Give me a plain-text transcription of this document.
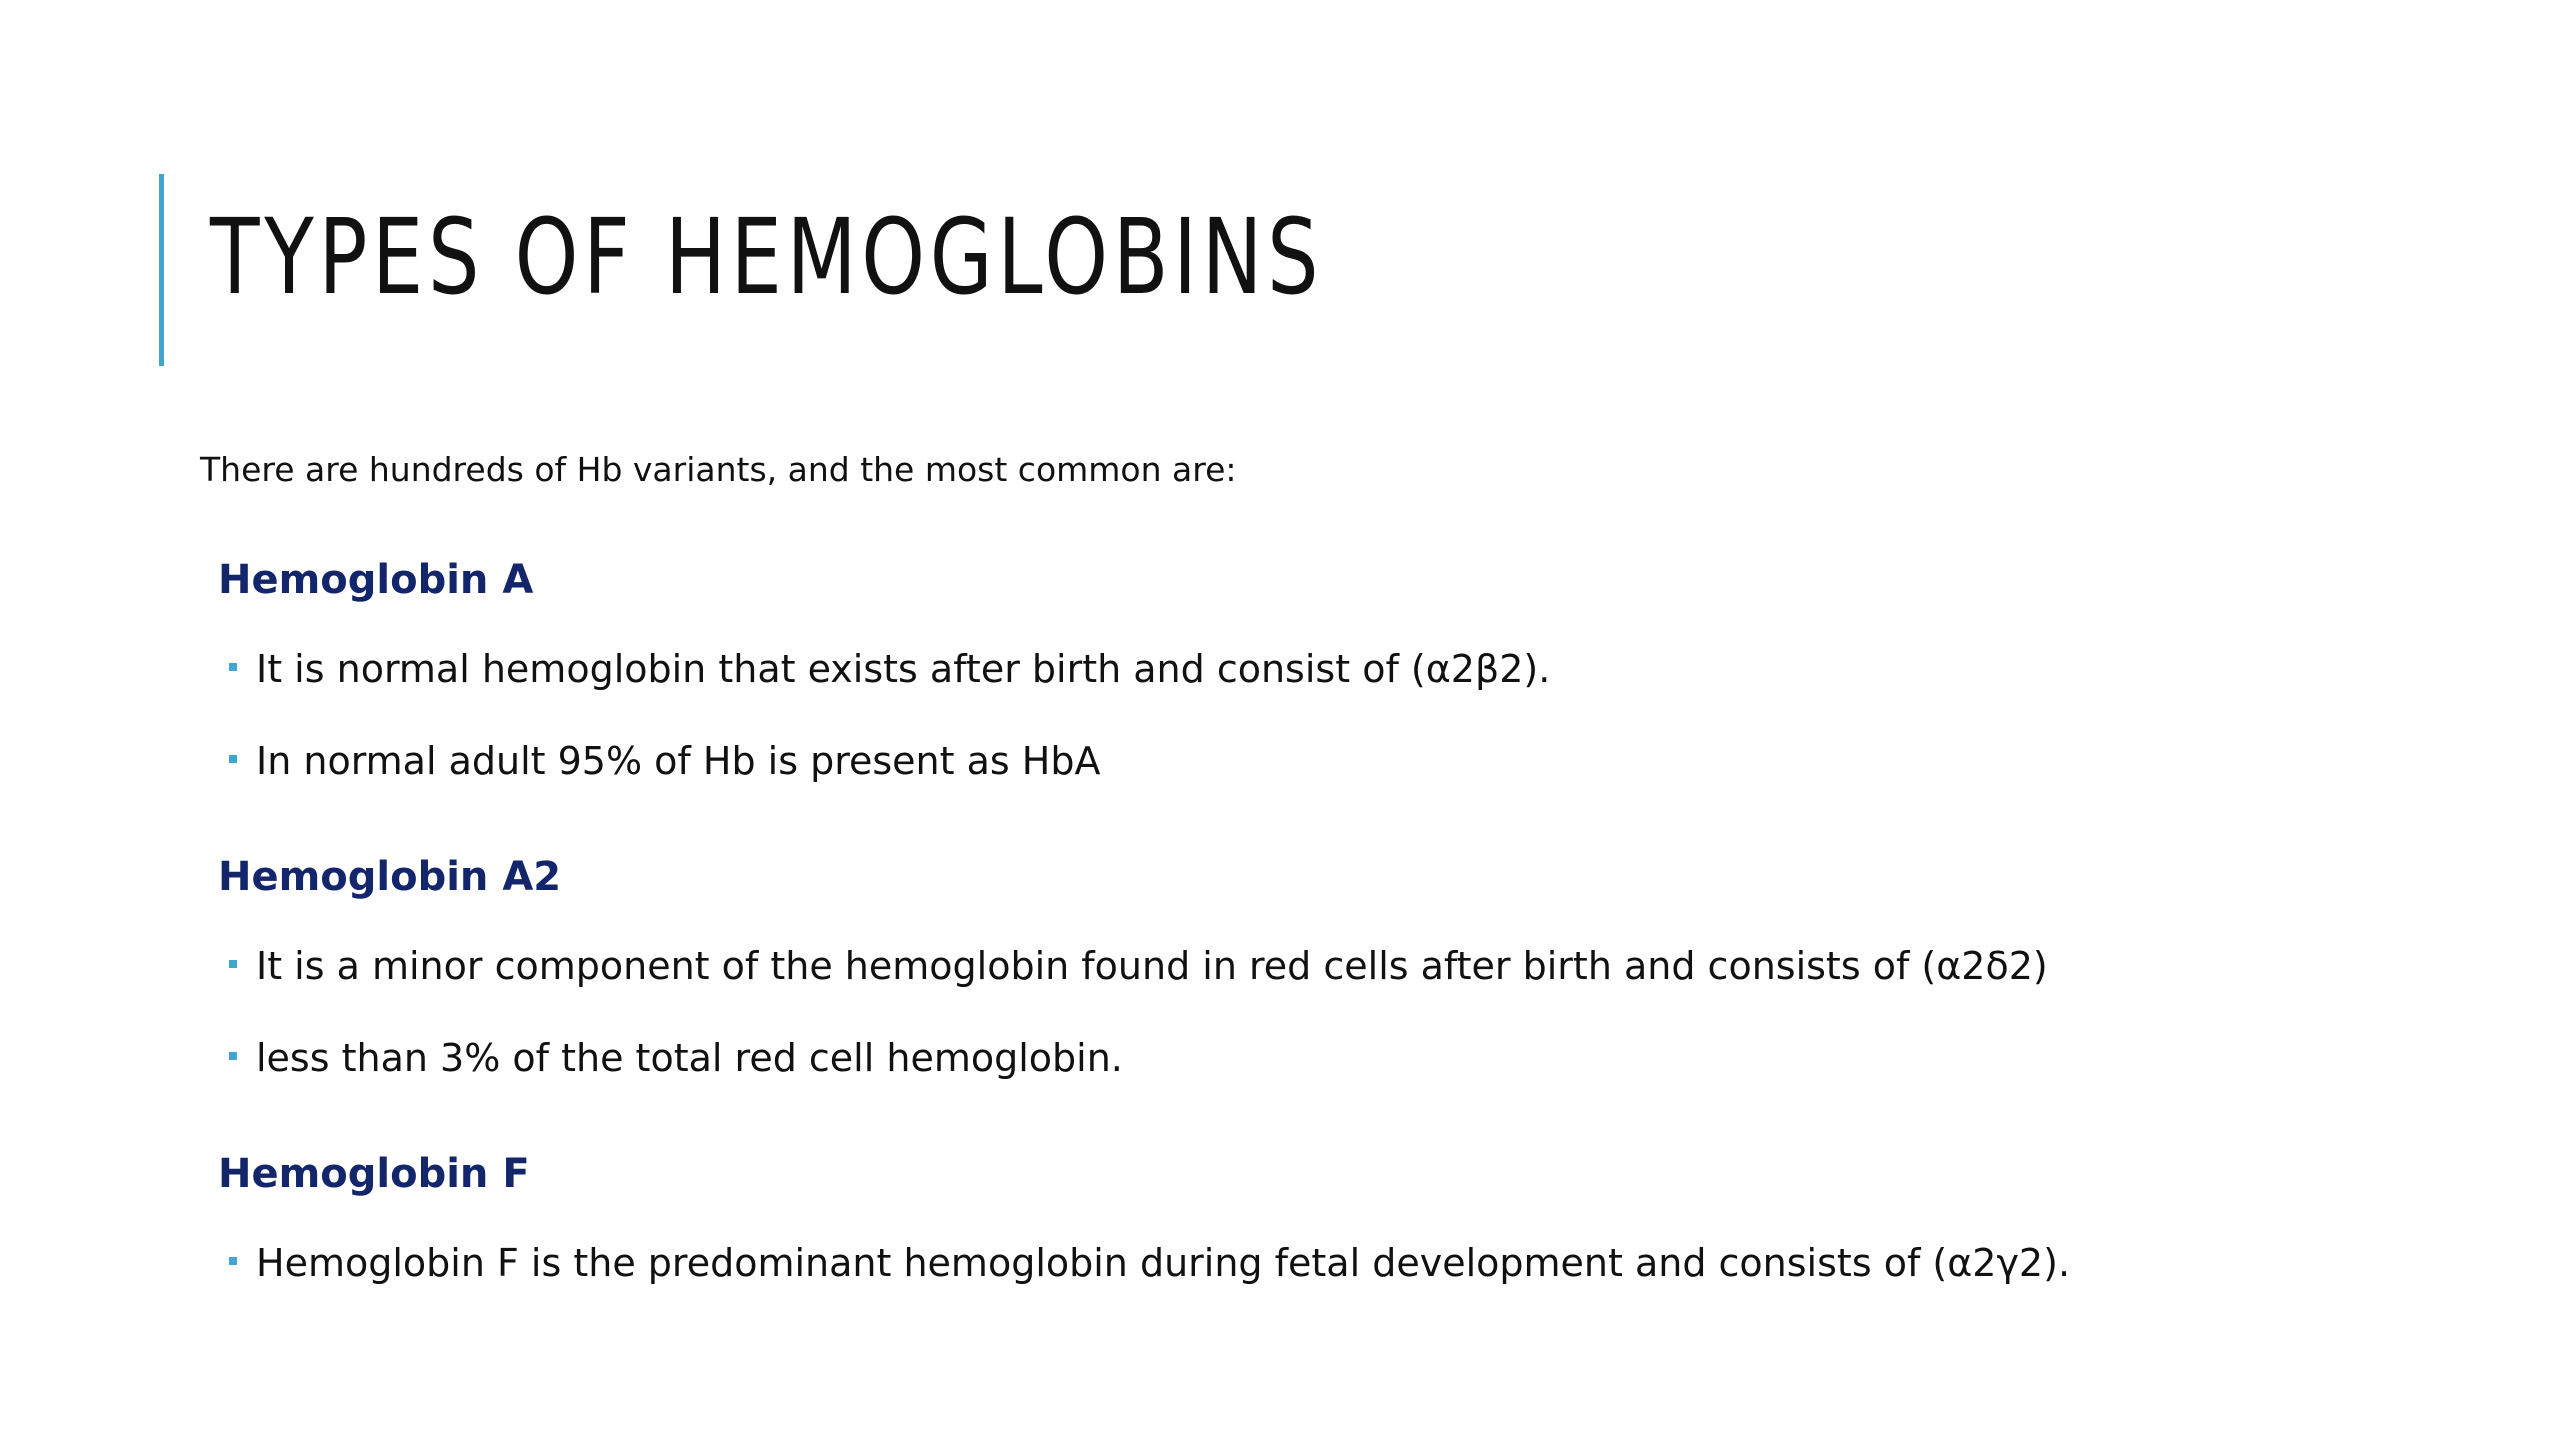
TYPES OF HEMOGLOBINS

There are hundreds of Hb variants, and the most common are:

Hemoglobin A
It is normal hemoglobin that exists after birth and consist of (α2β2).
In normal adult 95% of Hb is present as HbA
Hemoglobin A2
It is a minor component of the hemoglobin found in red cells after birth and consists of (α2δ2)
less than 3% of the total red cell hemoglobin.
Hemoglobin F
Hemoglobin F is the predominant hemoglobin during fetal development and consists of (α2γ2).
